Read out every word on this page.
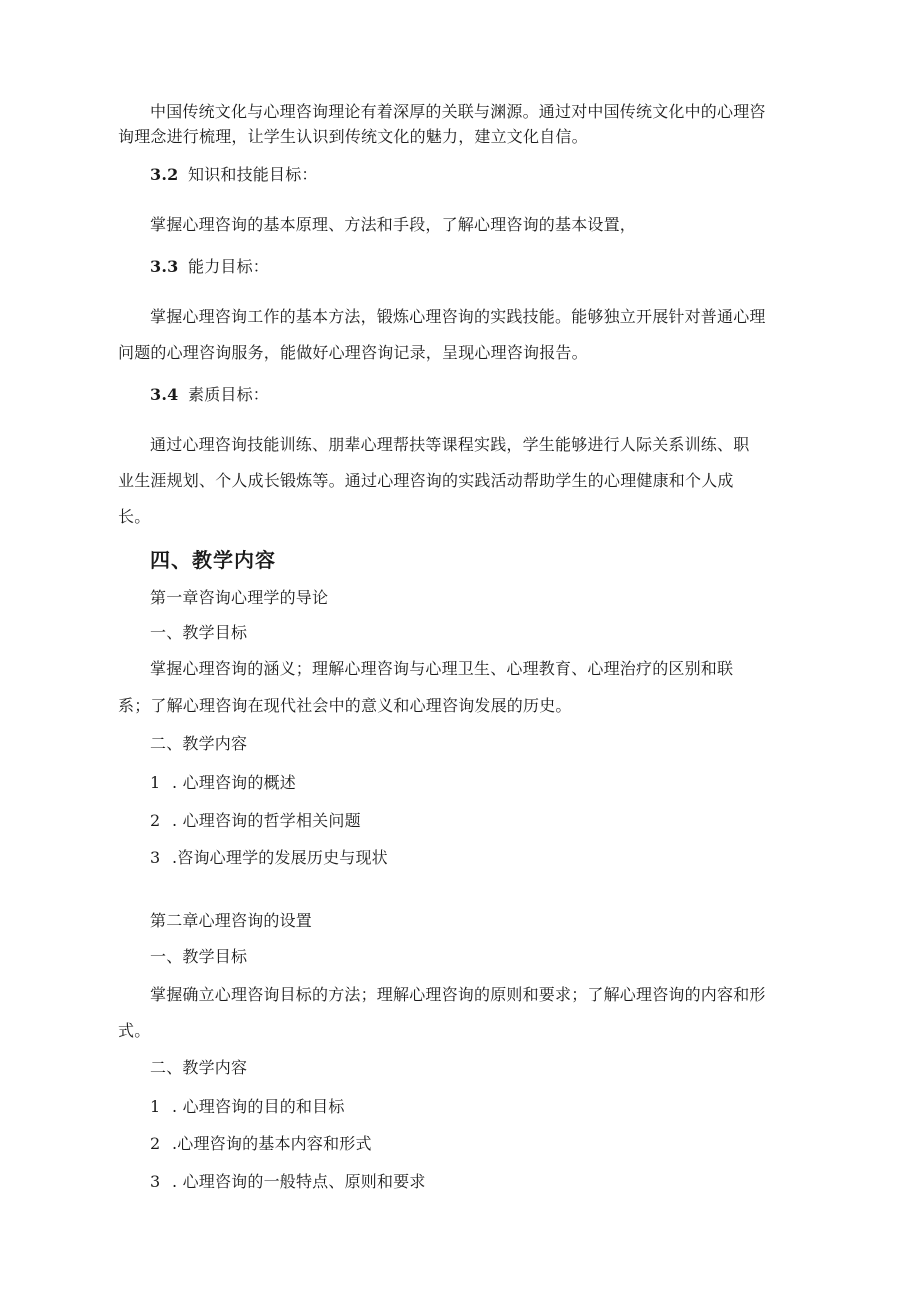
中国传统文化与心理咨询理论有着深厚的关联与渊源。通过对中国传统文化中的心理咨
询理念进行梳理，让学生认识到传统文化的魅力，建立文化自信。
3.2 知识和技能目标：
掌握心理咨询的基本原理、方法和手段，了解心理咨询的基本设置，
3.3 能力目标：
掌握心理咨询工作的基本方法，锻炼心理咨询的实践技能。能够独立开展针对普通心理
问题的心理咨询服务，能做好心理咨询记录，呈现心理咨询报告。
3.4 素质目标：
通过心理咨询技能训练、朋辈心理帮扶等课程实践，学生能够进行人际关系训练、职
业生涯规划、个人成长锻炼等。通过心理咨询的实践活动帮助学生的心理健康和个人成
长。
四、教学内容
第一章咨询心理学的导论
一、教学目标
掌握心理咨询的涵义；理解心理咨询与心理卫生、心理教育、心理治疗的区别和联
系；了解心理咨询在现代社会中的意义和心理咨询发展的历史。
二、教学内容
1 . 心理咨询的概述
2 . 心理咨询的哲学相关问题
3 .咨询心理学的发展历史与现状
第二章心理咨询的设置
一、教学目标
掌握确立心理咨询目标的方法；理解心理咨询的原则和要求；了解心理咨询的内容和形
式。
二、教学内容
1 . 心理咨询的目的和目标
2 .心理咨询的基本内容和形式
3 . 心理咨询的一般特点、原则和要求
